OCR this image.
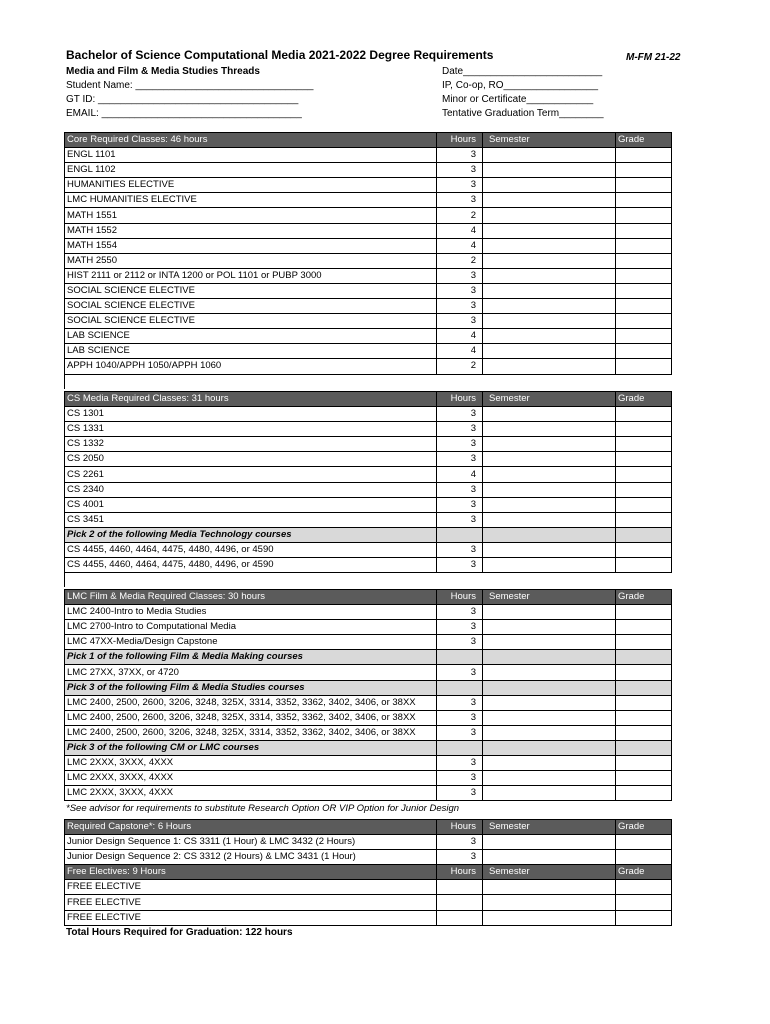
Bachelor of Science Computational Media 2021-2022 Degree Requirements	M-FM 21-22
Media and Film & Media Studies Threads
Student Name: ________________________________
GT ID: ____________________________________
EMAIL: ____________________________________
Date_________________________
IP, Co-op, RO_________________
Minor or Certificate____________
Tentative Graduation Term________
Core Required Classes: 46 hours	Hours	Semester	Grade
ENGL 1101	3		
ENGL 1102	3		
HUMANITIES ELECTIVE	3		
LMC HUMANITIES ELECTIVE	3		
MATH 1551	2		
MATH 1552	4		
MATH 1554	4		
MATH 2550	2		
HIST 2111 or 2112 or INTA 1200 or POL 1101 or PUBP 3000	3		
SOCIAL SCIENCE ELECTIVE	3		
SOCIAL SCIENCE ELECTIVE	3		
SOCIAL SCIENCE ELECTIVE	3		
LAB SCIENCE	4		
LAB SCIENCE	4		
APPH 1040/APPH 1050/APPH 1060	2		

CS Media Required Classes: 31 hours	Hours	Semester	Grade
CS 1301	3		
CS 1331	3		
CS 1332	3		
CS 2050	3		
CS 2261	4		
CS 2340	3		
CS 4001	3		
CS 3451	3		
Pick 2 of the following Media Technology courses			
CS 4455, 4460, 4464, 4475, 4480, 4496, or 4590	3		
CS 4455, 4460, 4464, 4475, 4480, 4496, or 4590	3		

LMC Film & Media Required Classes: 30 hours	Hours	Semester	Grade
LMC 2400-Intro to Media Studies	3		
LMC 2700-Intro to Computational Media	3		
LMC 47XX-Media/Design Capstone	3		
Pick 1 of the following Film & Media Making courses			
LMC 27XX, 37XX, or 4720	3		
Pick 3 of the following Film & Media Studies courses			
LMC 2400, 2500, 2600, 3206, 3248, 325X, 3314, 3352, 3362, 3402, 3406, or 38XX	3		
LMC 2400, 2500, 2600, 3206, 3248, 325X, 3314, 3352, 3362, 3402, 3406, or 38XX	3		
LMC 2400, 2500, 2600, 3206, 3248, 325X, 3314, 3352, 3362, 3402, 3406, or 38XX	3		
Pick 3 of the following CM or LMC courses			
LMC 2XXX, 3XXX, 4XXX	3		
LMC 2XXX, 3XXX, 4XXX	3		
LMC 2XXX, 3XXX, 4XXX	3		
*See advisor for requirements to substitute Research Option OR VIP Option for Junior Design
Required Capstone*: 6 Hours	Hours	Semester	Grade
Junior Design Sequence 1: CS 3311 (1 Hour) & LMC 3432 (2 Hours)	3		
Junior Design Sequence 2: CS 3312 (2 Hours) & LMC 3431 (1 Hour)	3		
Free Electives: 9 Hours	Hours	Semester	Grade
FREE ELECTIVE			
FREE ELECTIVE			
FREE ELECTIVE			
Total Hours Required for Graduation: 122 hours
